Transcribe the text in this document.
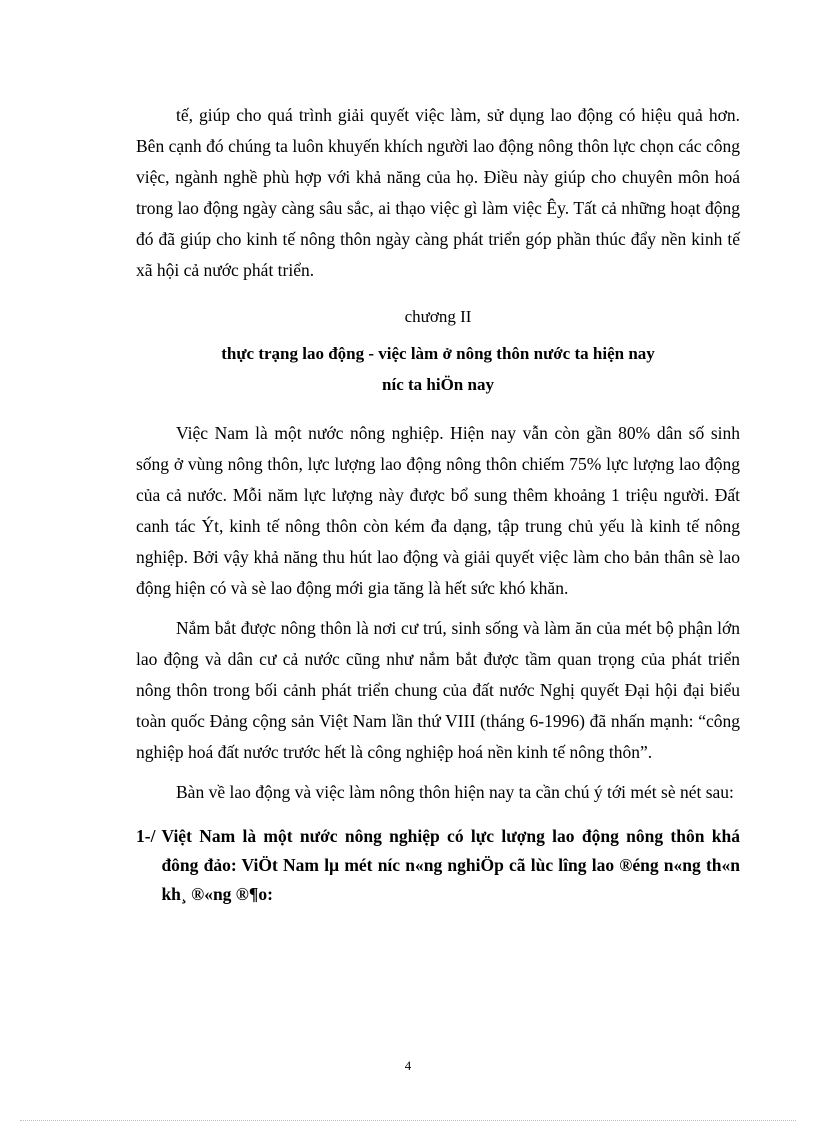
tế, giúp cho quá trình giải quyết việc làm, sử dụng lao động có hiệu quả hơn. Bên cạnh đó chúng ta luôn khuyến khích người lao động nông thôn lực chọn các công việc, ngành nghề phù hợp với khả năng của họ. Điều này giúp cho chuyên môn hoá trong lao động ngày càng sâu sắc, ai thạo việc gì làm việc Êy. Tất cả những hoạt động đó đã giúp cho kinh tế nông thôn ngày càng phát triển góp phần thúc đẩy nền kinh tế xã hội cả nước phát triển.

chương II
thực trạng lao động - việc làm ở nông thôn nước ta hiện nay
níc ta hiÖn nay

Việc Nam là một nước nông nghiệp. Hiện nay vẫn còn gần 80% dân số sinh sống ở vùng nông thôn, lực lượng lao động nông thôn chiếm 75% lực lượng lao động của cả nước. Mỗi năm lực lượng này được bổ sung thêm khoảng 1 triệu người. Đất canh tác Ýt, kinh tế nông thôn còn kém đa dạng, tập trung chủ yếu là kinh tế nông nghiệp. Bởi vậy khả năng thu hút lao động và giải quyết việc làm cho bản thân sè lao động hiện có và sè lao động mới gia tăng là hết sức khó khăn.

Nắm bắt được nông thôn là nơi cư trú, sinh sống và làm ăn của mét bộ phận lớn lao động và dân cư cả nước cũng như nắm bắt được tầm quan trọng của phát triển nông thôn trong bối cảnh phát triển chung của đất nước Nghị quyết Đại hội đại biểu toàn quốc Đảng cộng sản Việt Nam lần thứ VIII (tháng 6-1996) đã nhấn mạnh: “công nghiệp hoá đất nước trước hết là công nghiệp hoá nền kinh tế nông thôn”.

Bàn về lao động và việc làm nông thôn hiện nay ta cần chú ý tới mét sè nét sau:

1-/ Việt Nam là một nước nông nghiệp có lực lượng lao động nông thôn khá đông đảo: ViÖt Nam lµ mét níc n«ng nghiÖp cã lùc lîng lao ®éng n«ng th«n kh¸ ®«ng ®¶o:
4
